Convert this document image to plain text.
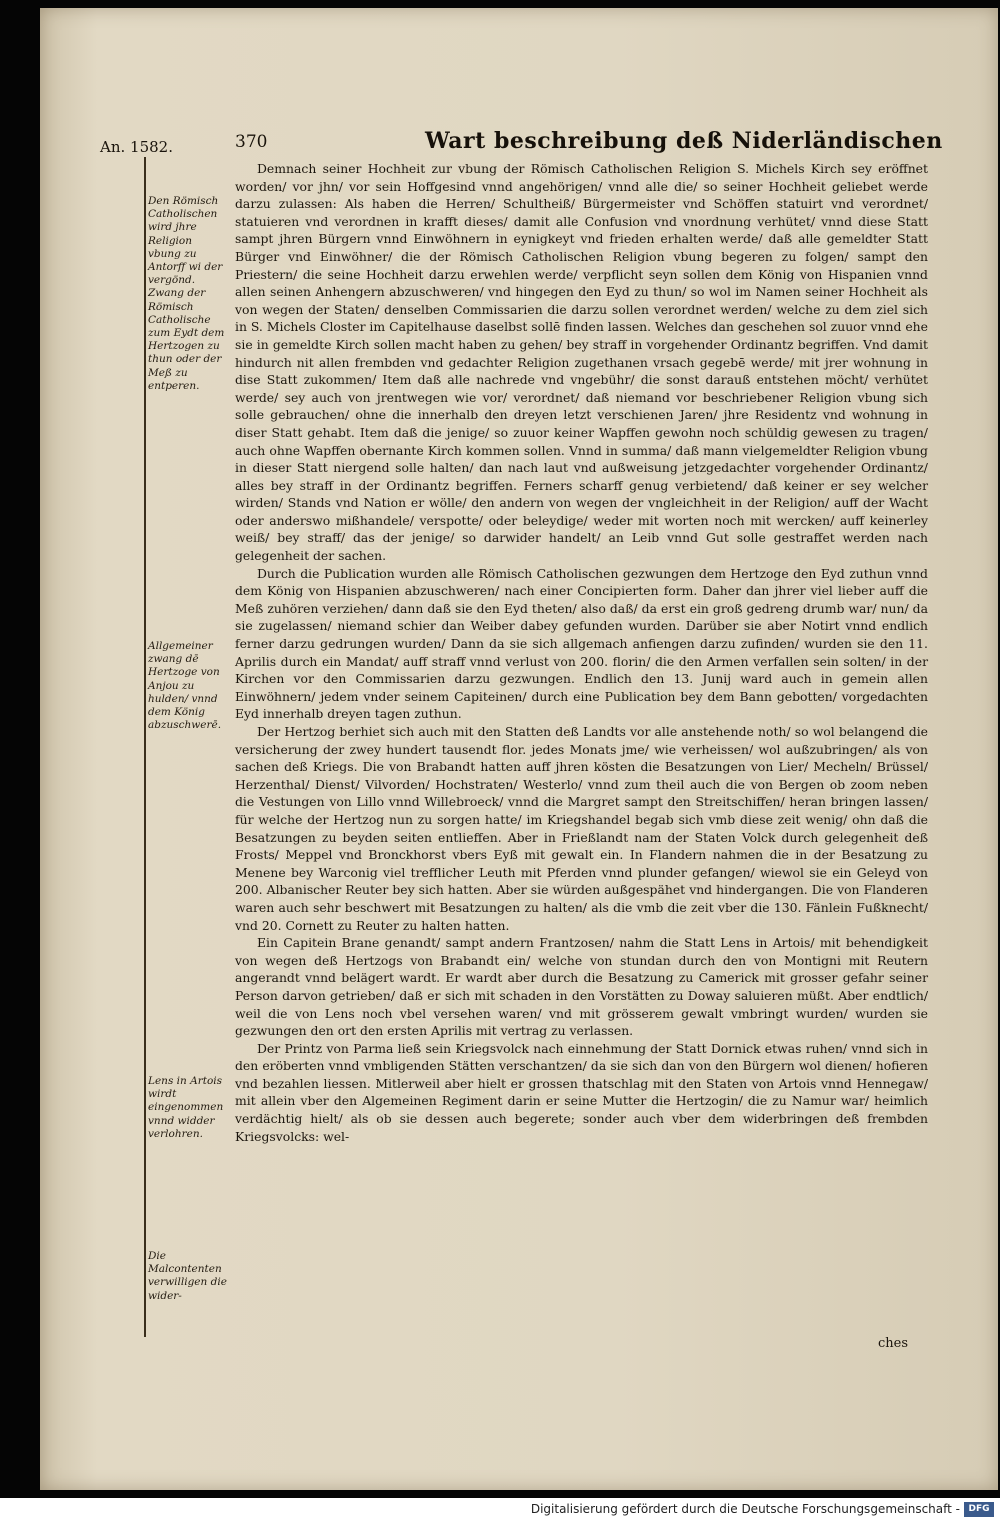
An. 1582.	370	Wart beschreibung deß Niderländischen
Den Römisch Catholischen wird jhre Religion vbung zu Antorff wi der vergönd. Zwang der Römisch Catholische zum Eydt dem Hertzogen zu thun oder der Meß zu entperen.
Allgemeiner zwang dē Hertzoge von Anjou zu hulden/ vnnd dem König abzuschwerē.
Lens in Artois wirdt eingenommen vnnd widder verlohren.
Die Malcontenten verwilligen die wider-

Demnach seiner Hochheit zur vbung der Römisch Catholischen Religion S. Michels Kirch sey eröffnet worden/ vor jhn/ vor sein Hoffgesind vnnd angehörigen/ vnnd alle die/ so seiner Hochheit geliebet werde darzu zulassen: Als haben die Herren/ Schultheiß/ Bürgermeister vnd Schöffen statuirt vnd verordnet/ statuieren vnd verordnen in krafft dieses/ damit alle Confusion vnd vnordnung verhütet/ vnnd diese Statt sampt jhren Bürgern vnnd Einwöhnern in eynigkeyt vnd frieden erhalten werde/ daß alle gemeldter Statt Bürger vnd Einwöhner/ die der Römisch Catholischen Religion vbung begeren zu folgen/ sampt den Priestern/ die seine Hochheit darzu erwehlen werde/ verpflicht seyn sollen dem König von Hispanien vnnd allen seinen Anhengern abzuschweren/ vnd hingegen den Eyd zu thun/ so wol im Namen seiner Hochheit als von wegen der Staten/ denselben Commissarien die darzu sollen verordnet werden/ welche zu dem ziel sich in S. Michels Closter im Capitelhause daselbst sollē finden lassen. Welches dan geschehen sol zuuor vnnd ehe sie in gemeldte Kirch sollen macht haben zu gehen/ bey straff in vorgehender Ordinantz begriffen. Vnd damit hindurch nit allen frembden vnd gedachter Religion zugethanen vrsach gegebē werde/ mit jrer wohnung in dise Statt zukommen/ Item daß alle nachrede vnd vngebühr/ die sonst darauß entstehen möcht/ verhütet werde/ sey auch von jrentwegen wie vor/ verordnet/ daß niemand vor beschriebener Religion vbung sich solle gebrauchen/ ohne die innerhalb den dreyen letzt verschienen Jaren/ jhre Residentz vnd wohnung in diser Statt gehabt. Item daß die jenige/ so zuuor keiner Wapffen gewohn noch schüldig gewesen zu tragen/ auch ohne Wapffen obernante Kirch kommen sollen. Vnnd in summa/ daß mann vielgemeldter Religion vbung in dieser Statt niergend solle halten/ dan nach laut vnd außweisung jetzgedachter vorgehender Ordinantz/ alles bey straff in der Ordinantz begriffen. Ferners scharff genug verbietend/ daß keiner er sey welcher wirden/ Stands vnd Nation er wölle/ den andern von wegen der vngleichheit in der Religion/ auff der Wacht oder anderswo mißhandele/ verspotte/ oder beleydige/ weder mit worten noch mit wercken/ auff keinerley weiß/ bey straff/ das der jenige/ so darwider handelt/ an Leib vnnd Gut solle gestraffet werden nach gelegenheit der sachen.

Durch die Publication wurden alle Römisch Catholischen gezwungen dem Hertzoge den Eyd zuthun vnnd dem König von Hispanien abzuschweren/ nach einer Concipierten form. Daher dan jhrer viel lieber auff die Meß zuhören verziehen/ dann daß sie den Eyd theten/ also daß/ da erst ein groß gedreng drumb war/ nun/ da sie zugelassen/ niemand schier dan Weiber dabey gefunden wurden. Darüber sie aber Notirt vnnd endlich ferner darzu gedrungen wurden/ Dann da sie sich allgemach anfiengen darzu zufinden/ wurden sie den 11. Aprilis durch ein Mandat/ auff straff vnnd verlust von 200. florin/ die den Armen verfallen sein solten/ in der Kirchen vor den Commissarien darzu gezwungen. Endlich den 13. Junij ward auch in gemein allen Einwöhnern/ jedem vnder seinem Capiteinen/ durch eine Publication bey dem Bann gebotten/ vorgedachten Eyd innerhalb dreyen tagen zuthun.

Der Hertzog berhiet sich auch mit den Statten deß Landts vor alle anstehende noth/ so wol belangend die versicherung der zwey hundert tausendt flor. jedes Monats jme/ wie verheissen/ wol außzubringen/ als von sachen deß Kriegs. Die von Brabandt hatten auff jhren kösten die Besatzungen von Lier/ Mecheln/ Brüssel/ Herzenthal/ Dienst/ Vilvorden/ Hochstraten/ Westerlo/ vnnd zum theil auch die von Bergen ob zoom neben die Vestungen von Lillo vnnd Willebroeck/ vnnd die Margret sampt den Streitschiffen/ heran bringen lassen/ für welche der Hertzog nun zu sorgen hatte/ im Kriegshandel begab sich vmb diese zeit wenig/ ohn daß die Besatzungen zu beyden seiten entlieffen. Aber in Frießlandt nam der Staten Volck durch gelegenheit deß Frosts/ Meppel vnd Bronckhorst vbers Eyß mit gewalt ein. In Flandern nahmen die in der Besatzung zu Menene bey Warconig viel trefflicher Leuth mit Pferden vnnd plunder gefangen/ wiewol sie ein Geleyd von 200. Albanischer Reuter bey sich hatten. Aber sie würden außgespähet vnd hindergangen. Die von Flanderen waren auch sehr beschwert mit Besatzungen zu halten/ als die vmb die zeit vber die 130. Fänlein Fußknecht/ vnd 20. Cornett zu Reuter zu halten hatten.

Ein Capitein Brane genandt/ sampt andern Frantzosen/ nahm die Statt Lens in Artois/ mit behendigkeit von wegen deß Hertzogs von Brabandt ein/ welche von stundan durch den von Montigni mit Reutern angerandt vnnd belägert wardt. Er wardt aber durch die Besatzung zu Camerick mit grosser gefahr seiner Person darvon getrieben/ daß er sich mit schaden in den Vorstätten zu Doway saluieren müßt. Aber endtlich/ weil die von Lens noch vbel versehen waren/ vnd mit grösserem gewalt vmbringt wurden/ wurden sie gezwungen den ort den ersten Aprilis mit vertrag zu verlassen.

Der Printz von Parma ließ sein Kriegsvolck nach einnehmung der Statt Dornick etwas ruhen/ vnnd sich in den eröberten vnnd vmbligenden Stätten verschantzen/ da sie sich dan von den Bürgern wol dienen/ hofieren vnd bezahlen liessen. Mitlerweil aber hielt er grossen thatschlag mit den Staten von Artois vnnd Hennegaw/ mit allein vber den Algemeinen Regiment darin er seine Mutter die Hertzogin/ die zu Namur war/ heimlich verdächtig hielt/ als ob sie dessen auch begerete; sonder auch vber dem widerbringen deß frembden Kriegsvolcks: wel-

ches
Digitalisierung gefördert durch die Deutsche Forschungsgemeinschaft - DFG
